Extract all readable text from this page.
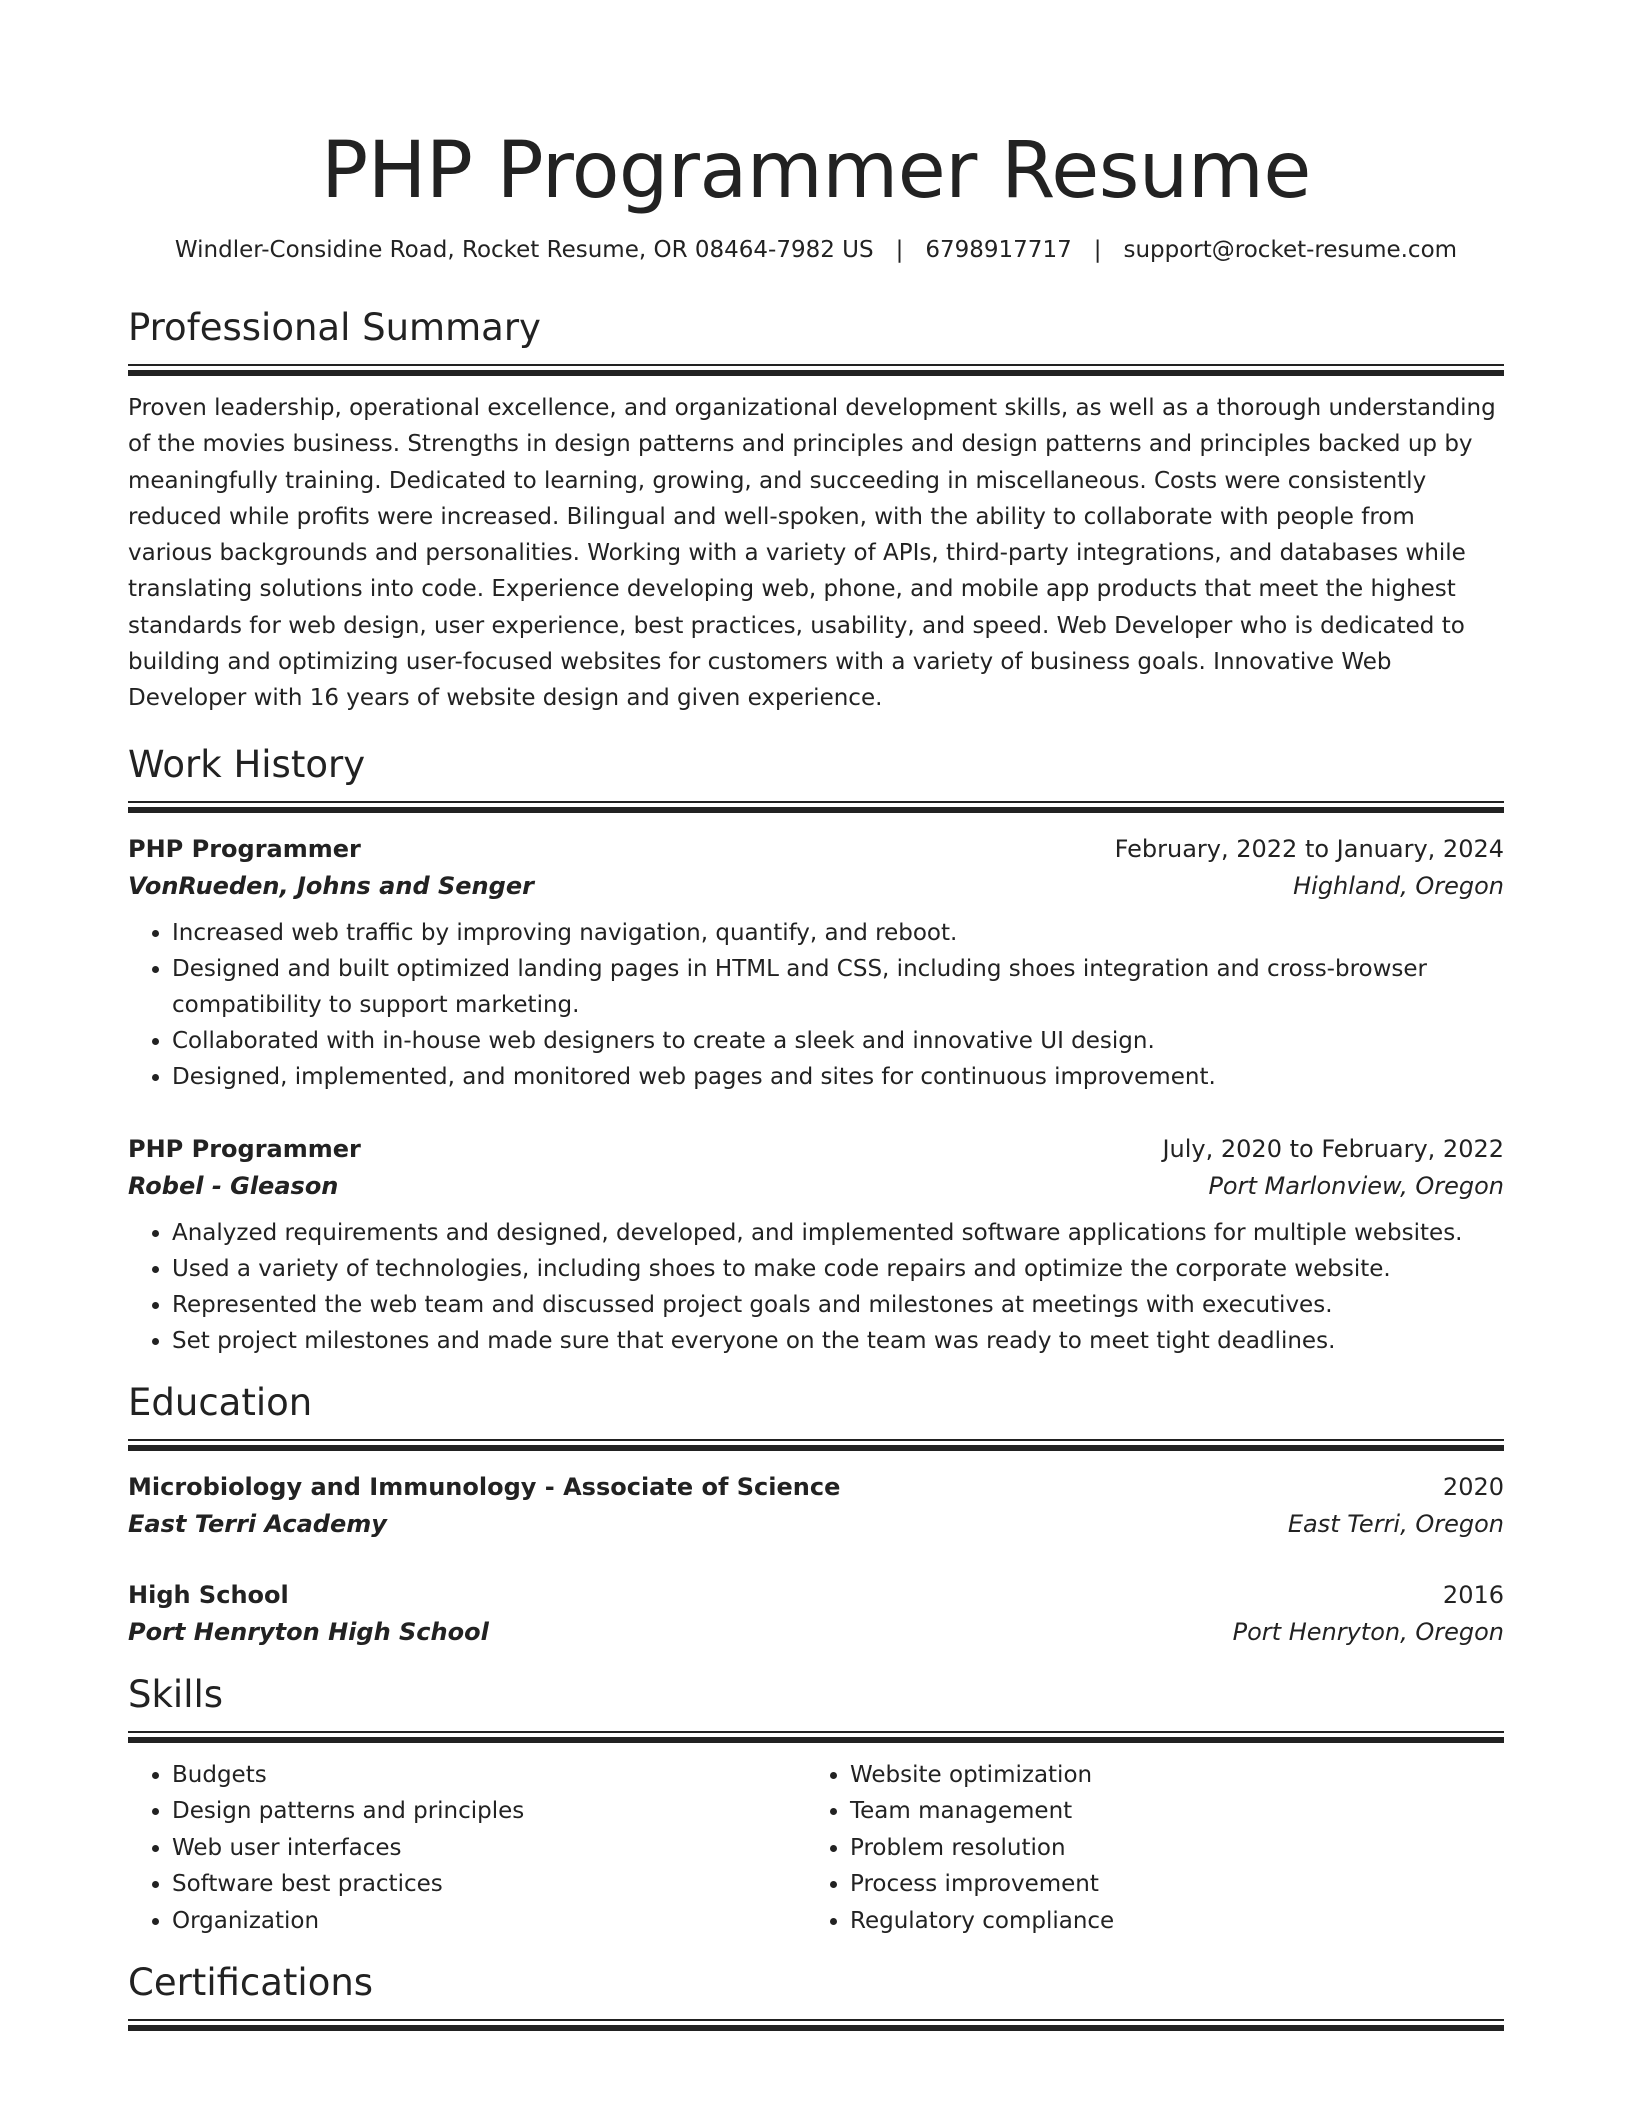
PHP Programmer Resume
Windler-Considine Road, Rocket Resume, OR 08464-7982 US | 6798917717 | support@rocket-resume.com
Professional Summary

Proven leadership, operational excellence, and organizational development skills, as well as a thorough understanding of the movies business. Strengths in design patterns and principles and design patterns and principles backed up by meaningfully training. Dedicated to learning, growing, and succeeding in miscellaneous. Costs were consistently reduced while profits were increased. Bilingual and well-spoken, with the ability to collaborate with people from various backgrounds and personalities. Working with a variety of APIs, third-party integrations, and databases while translating solutions into code. Experience developing web, phone, and mobile app products that meet the highest standards for web design, user experience, best practices, usability, and speed. Web Developer who is dedicated to building and optimizing user-focused websites for customers with a variety of business goals. Innovative Web Developer with 16 years of website design and given experience.

Work History
PHP Programmer	February, 2022 to January, 2024
VonRueden, Johns and Senger	Highland, Oregon
• Increased web traffic by improving navigation, quantify, and reboot.
• Designed and built optimized landing pages in HTML and CSS, including shoes integration and cross-browser compatibility to support marketing.
• Collaborated with in-house web designers to create a sleek and innovative UI design.
• Designed, implemented, and monitored web pages and sites for continuous improvement.
PHP Programmer	July, 2020 to February, 2022
Robel - Gleason	Port Marlonview, Oregon
• Analyzed requirements and designed, developed, and implemented software applications for multiple websites.
• Used a variety of technologies, including shoes to make code repairs and optimize the corporate website.
• Represented the web team and discussed project goals and milestones at meetings with executives.
• Set project milestones and made sure that everyone on the team was ready to meet tight deadlines.
Education
Microbiology and Immunology - Associate of Science	2020
East Terri Academy	East Terri, Oregon
High School	2016
Port Henryton High School	Port Henryton, Oregon
Skills
• Budgets
• Design patterns and principles
• Web user interfaces
• Software best practices
• Organization
• Website optimization
• Team management
• Problem resolution
• Process improvement
• Regulatory compliance
Certifications
